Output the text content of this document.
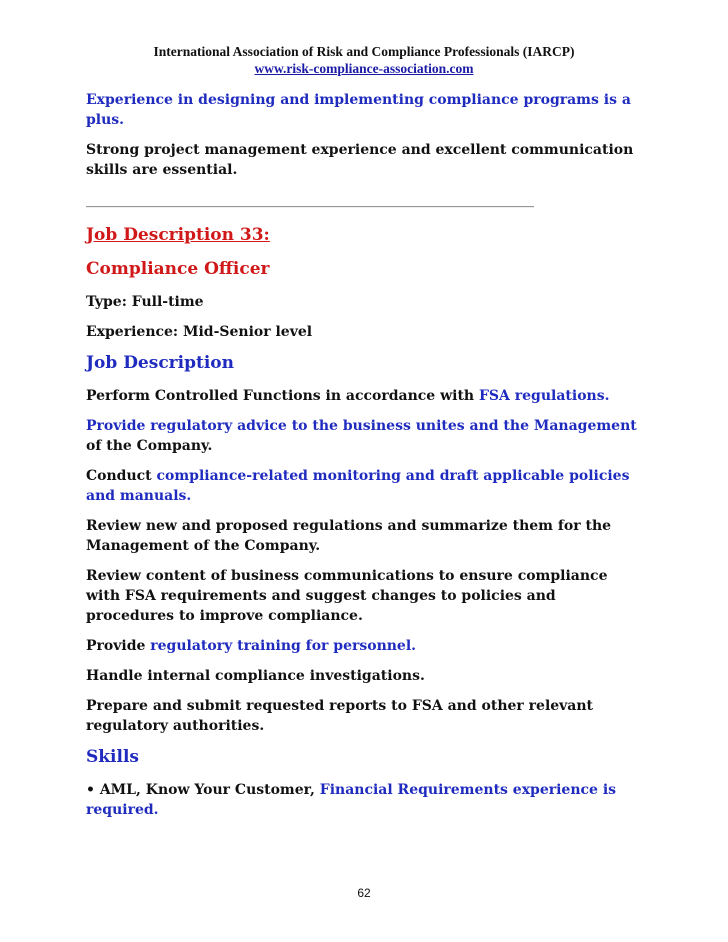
International Association of Risk and Compliance Professionals (IARCP)
www.risk-compliance-association.com

Experience in designing and implementing compliance programs is a plus.

Strong project management experience and excellent communication skills are essential.

________________________________________________________________
Job Description 33:
Compliance Officer

Type: Full-time

Experience: Mid-Senior level

Job Description

Perform Controlled Functions in accordance with FSA regulations.

Provide regulatory advice to the business unites and the Management of the Company.

Conduct compliance-related monitoring and draft applicable policies and manuals.

Review new and proposed regulations and summarize them for the Management of the Company.

Review content of business communications to ensure compliance with FSA requirements and suggest changes to policies and procedures to improve compliance.

Provide regulatory training for personnel.

Handle internal compliance investigations.

Prepare and submit requested reports to FSA and other relevant regulatory authorities.

Skills

• AML, Know Your Customer, Financial Requirements experience is required.

62
